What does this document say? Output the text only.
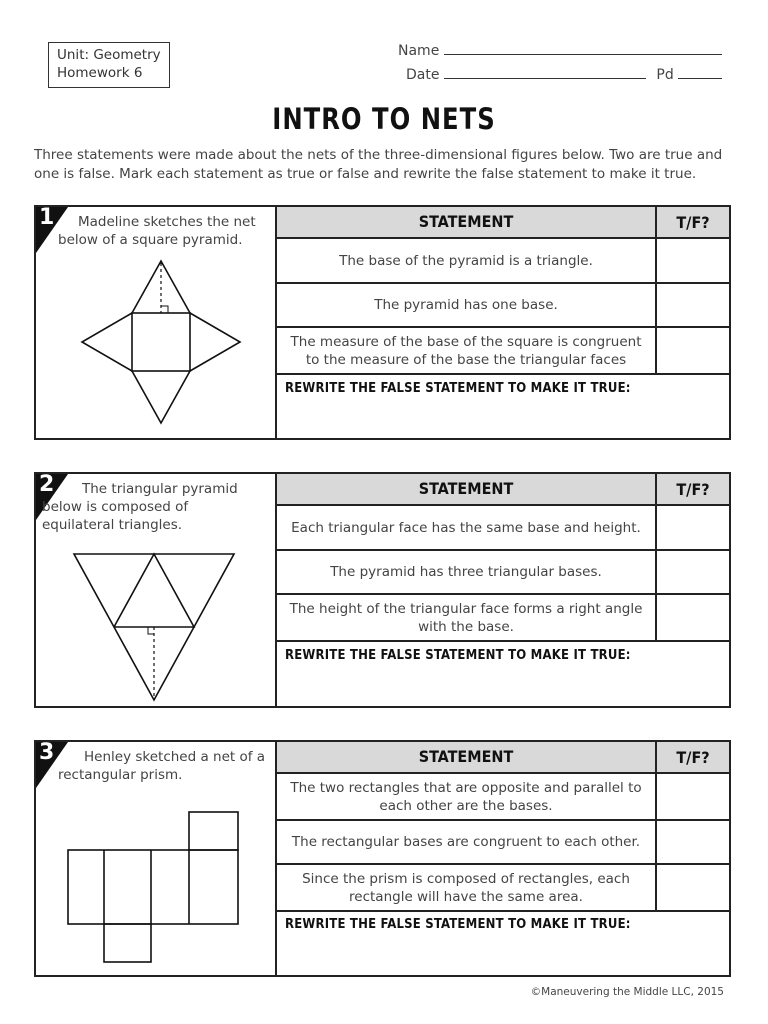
Unit: Geometry
Homework 6
Name
Date	Pd
INTRO TO NETS
Three statements were made about the nets of the three-dimensional figures below. Two are true and one is false. Mark each statement as true or false and rewrite the false statement to make it true.
1	Madeline sketches the net below of a square pyramid.
STATEMENT	T/F?
The base of the pyramid is a triangle.
The pyramid has one base.
The measure of the base of the square is congruent to the measure of the base the triangular faces
REWRITE THE FALSE STATEMENT TO MAKE IT TRUE:
2	The triangular pyramid below is composed of equilateral triangles.
STATEMENT	T/F?
Each triangular face has the same base and height.
The pyramid has three triangular bases.
The height of the triangular face forms a right angle with the base.
REWRITE THE FALSE STATEMENT TO MAKE IT TRUE:
3	Henley sketched a net of a rectangular prism.
STATEMENT	T/F?
The two rectangles that are opposite and parallel to each other are the bases.
The rectangular bases are congruent to each other.
Since the prism is composed of rectangles, each rectangle will have the same area.
REWRITE THE FALSE STATEMENT TO MAKE IT TRUE:
©Maneuvering the Middle LLC, 2015
